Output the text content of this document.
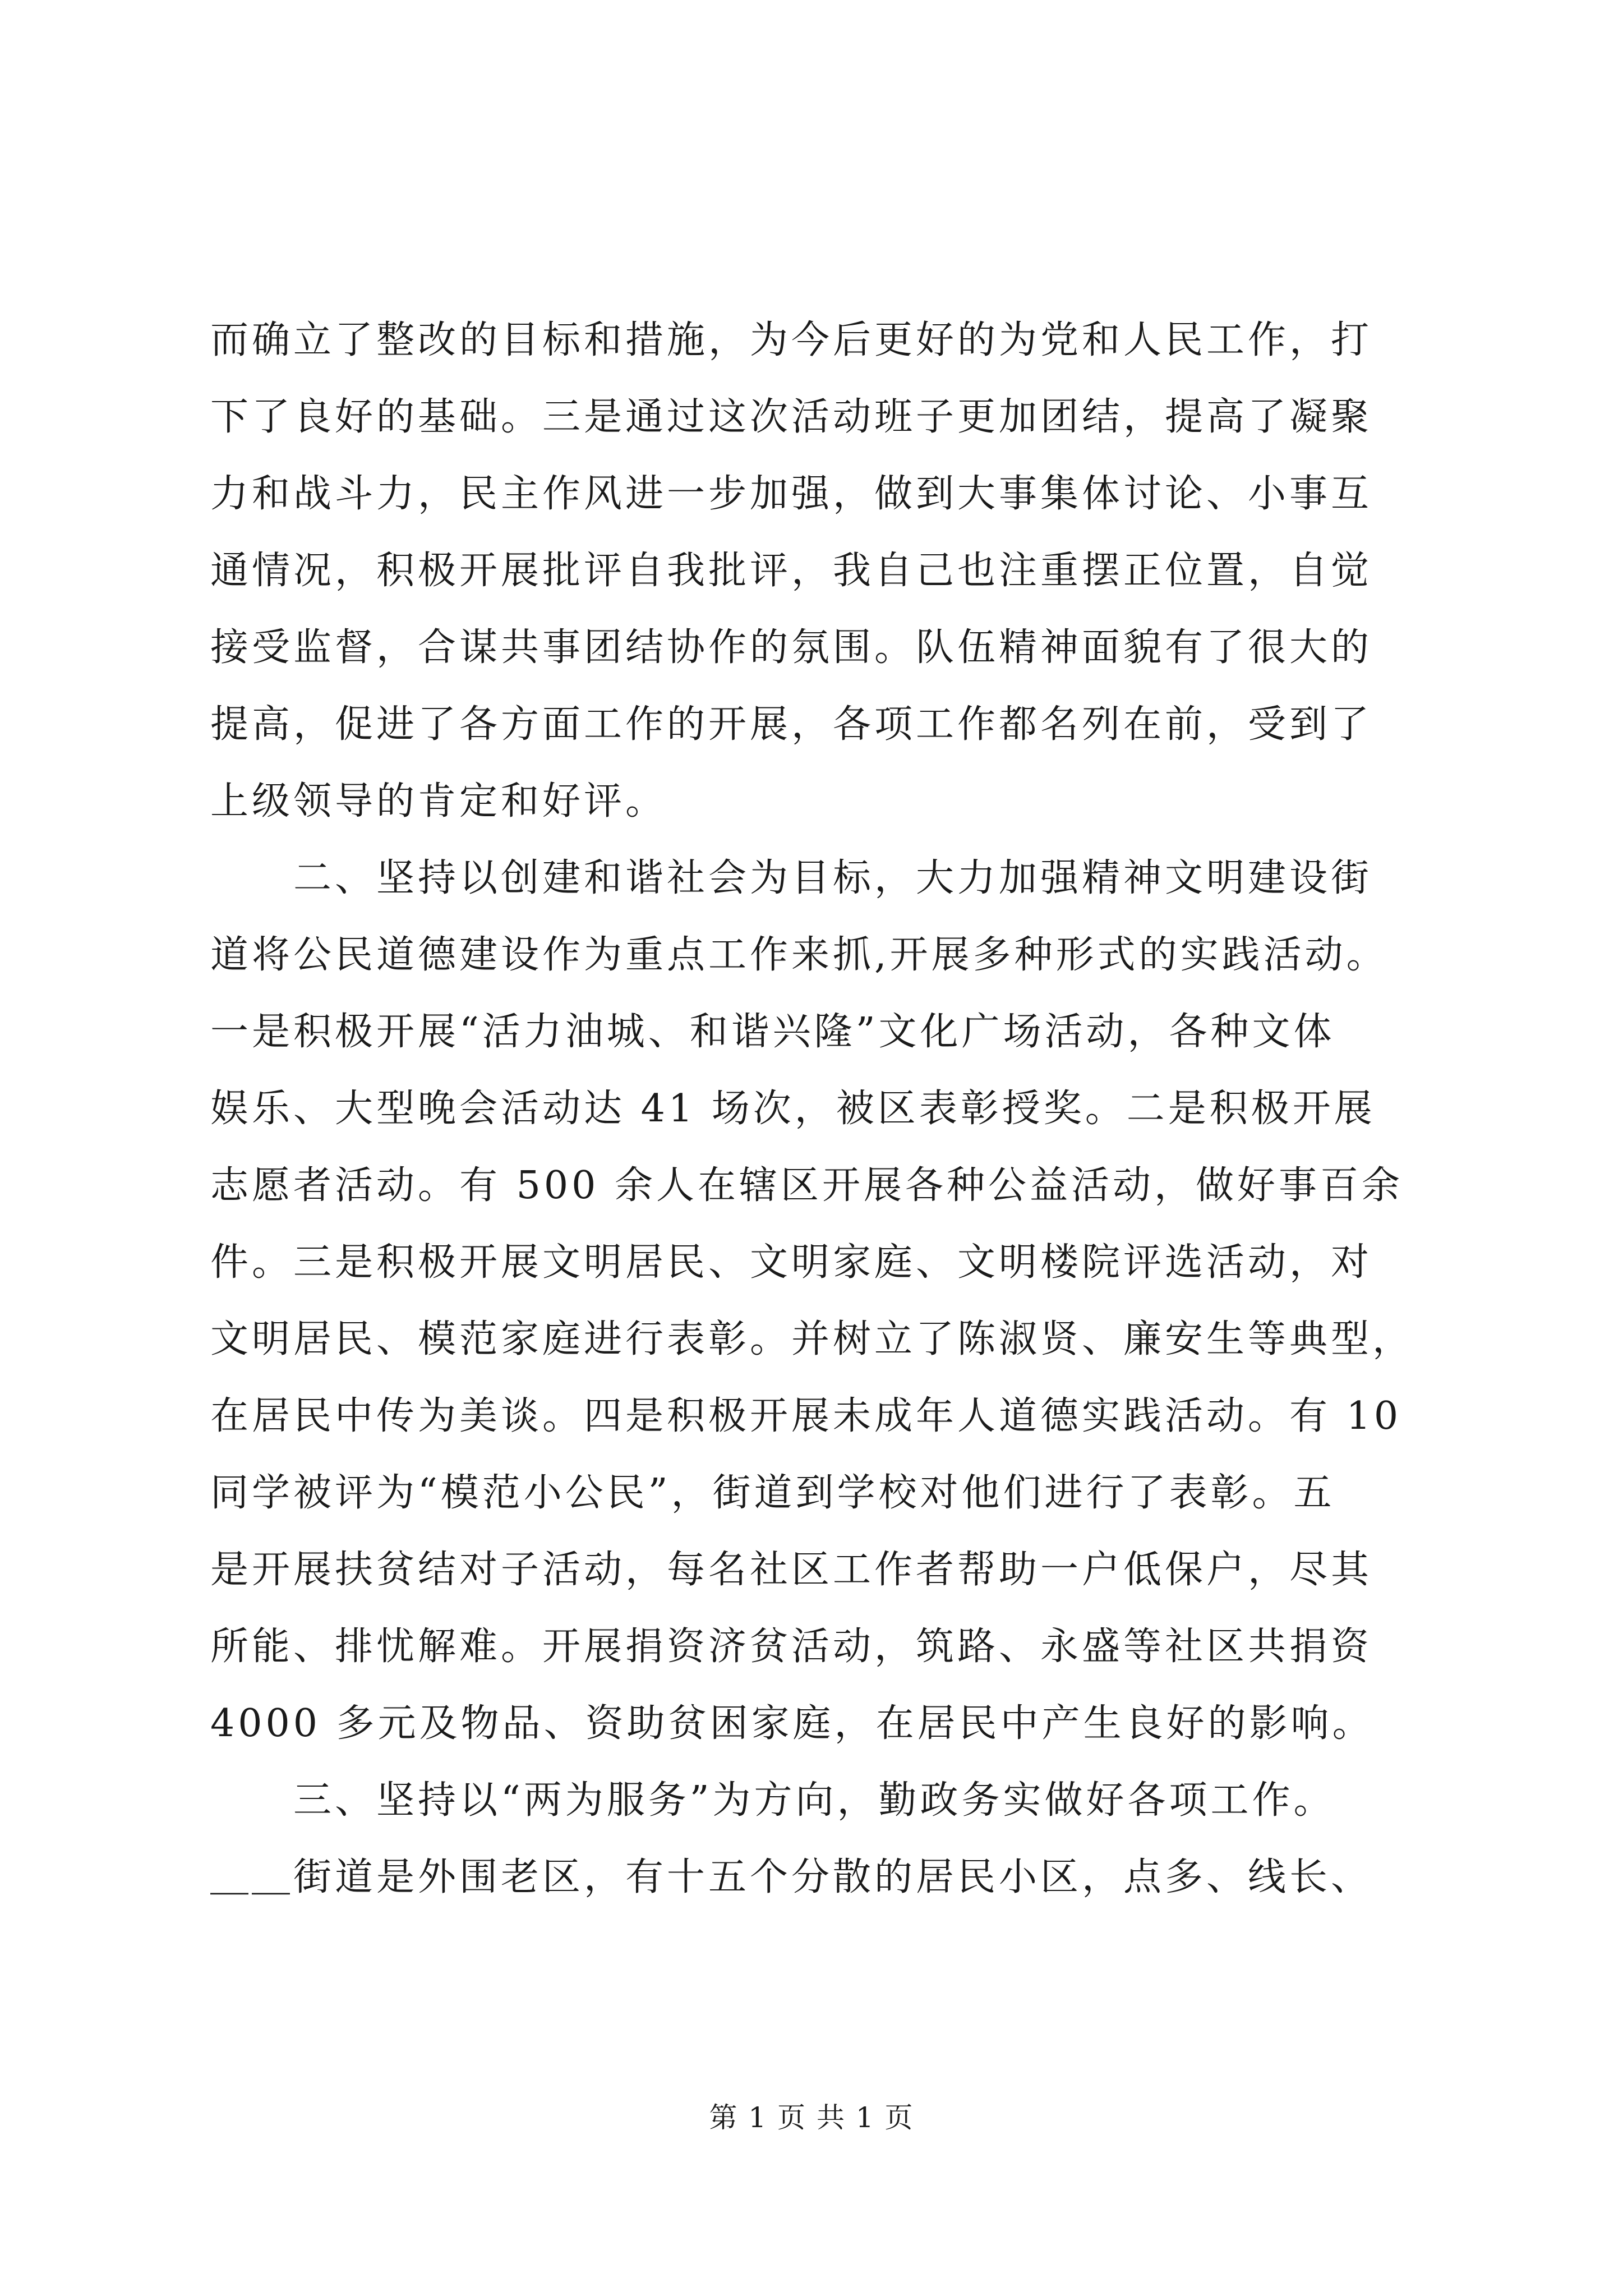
而确立了整改的目标和措施，为今后更好的为党和人民工作，打
下了良好的基础。三是通过这次活动班子更加团结，提高了凝聚
力和战斗力，民主作风进一步加强，做到大事集体讨论、小事互
通情况，积极开展批评自我批评，我自己也注重摆正位置，自觉
接受监督，合谋共事团结协作的氛围。队伍精神面貌有了很大的
提高，促进了各方面工作的开展，各项工作都名列在前，受到了
上级领导的肯定和好评。
　　二、坚持以创建和谐社会为目标，大力加强精神文明建设街
道将公民道德建设作为重点工作来抓,开展多种形式的实践活动。
一是积极开展“活力油城、和谐兴隆”文化广场活动，各种文体
娱乐、大型晚会活动达 41 场次，被区表彰授奖。二是积极开展
志愿者活动。有 500 余人在辖区开展各种公益活动，做好事百余
件。三是积极开展文明居民、文明家庭、文明楼院评选活动，对
文明居民、模范家庭进行表彰。并树立了陈淑贤、廉安生等典型，
在居民中传为美谈。四是积极开展未成年人道德实践活动。有 10
同学被评为“模范小公民”，街道到学校对他们进行了表彰。五
是开展扶贫结对子活动，每名社区工作者帮助一户低保户，尽其
所能、排忧解难。开展捐资济贫活动，筑路、永盛等社区共捐资
4000 多元及物品、资助贫困家庭，在居民中产生良好的影响。
　　三、坚持以“两为服务”为方向，勤政务实做好各项工作。
＿＿街道是外围老区，有十五个分散的居民小区，点多、线长、
第 1 页 共 1 页
